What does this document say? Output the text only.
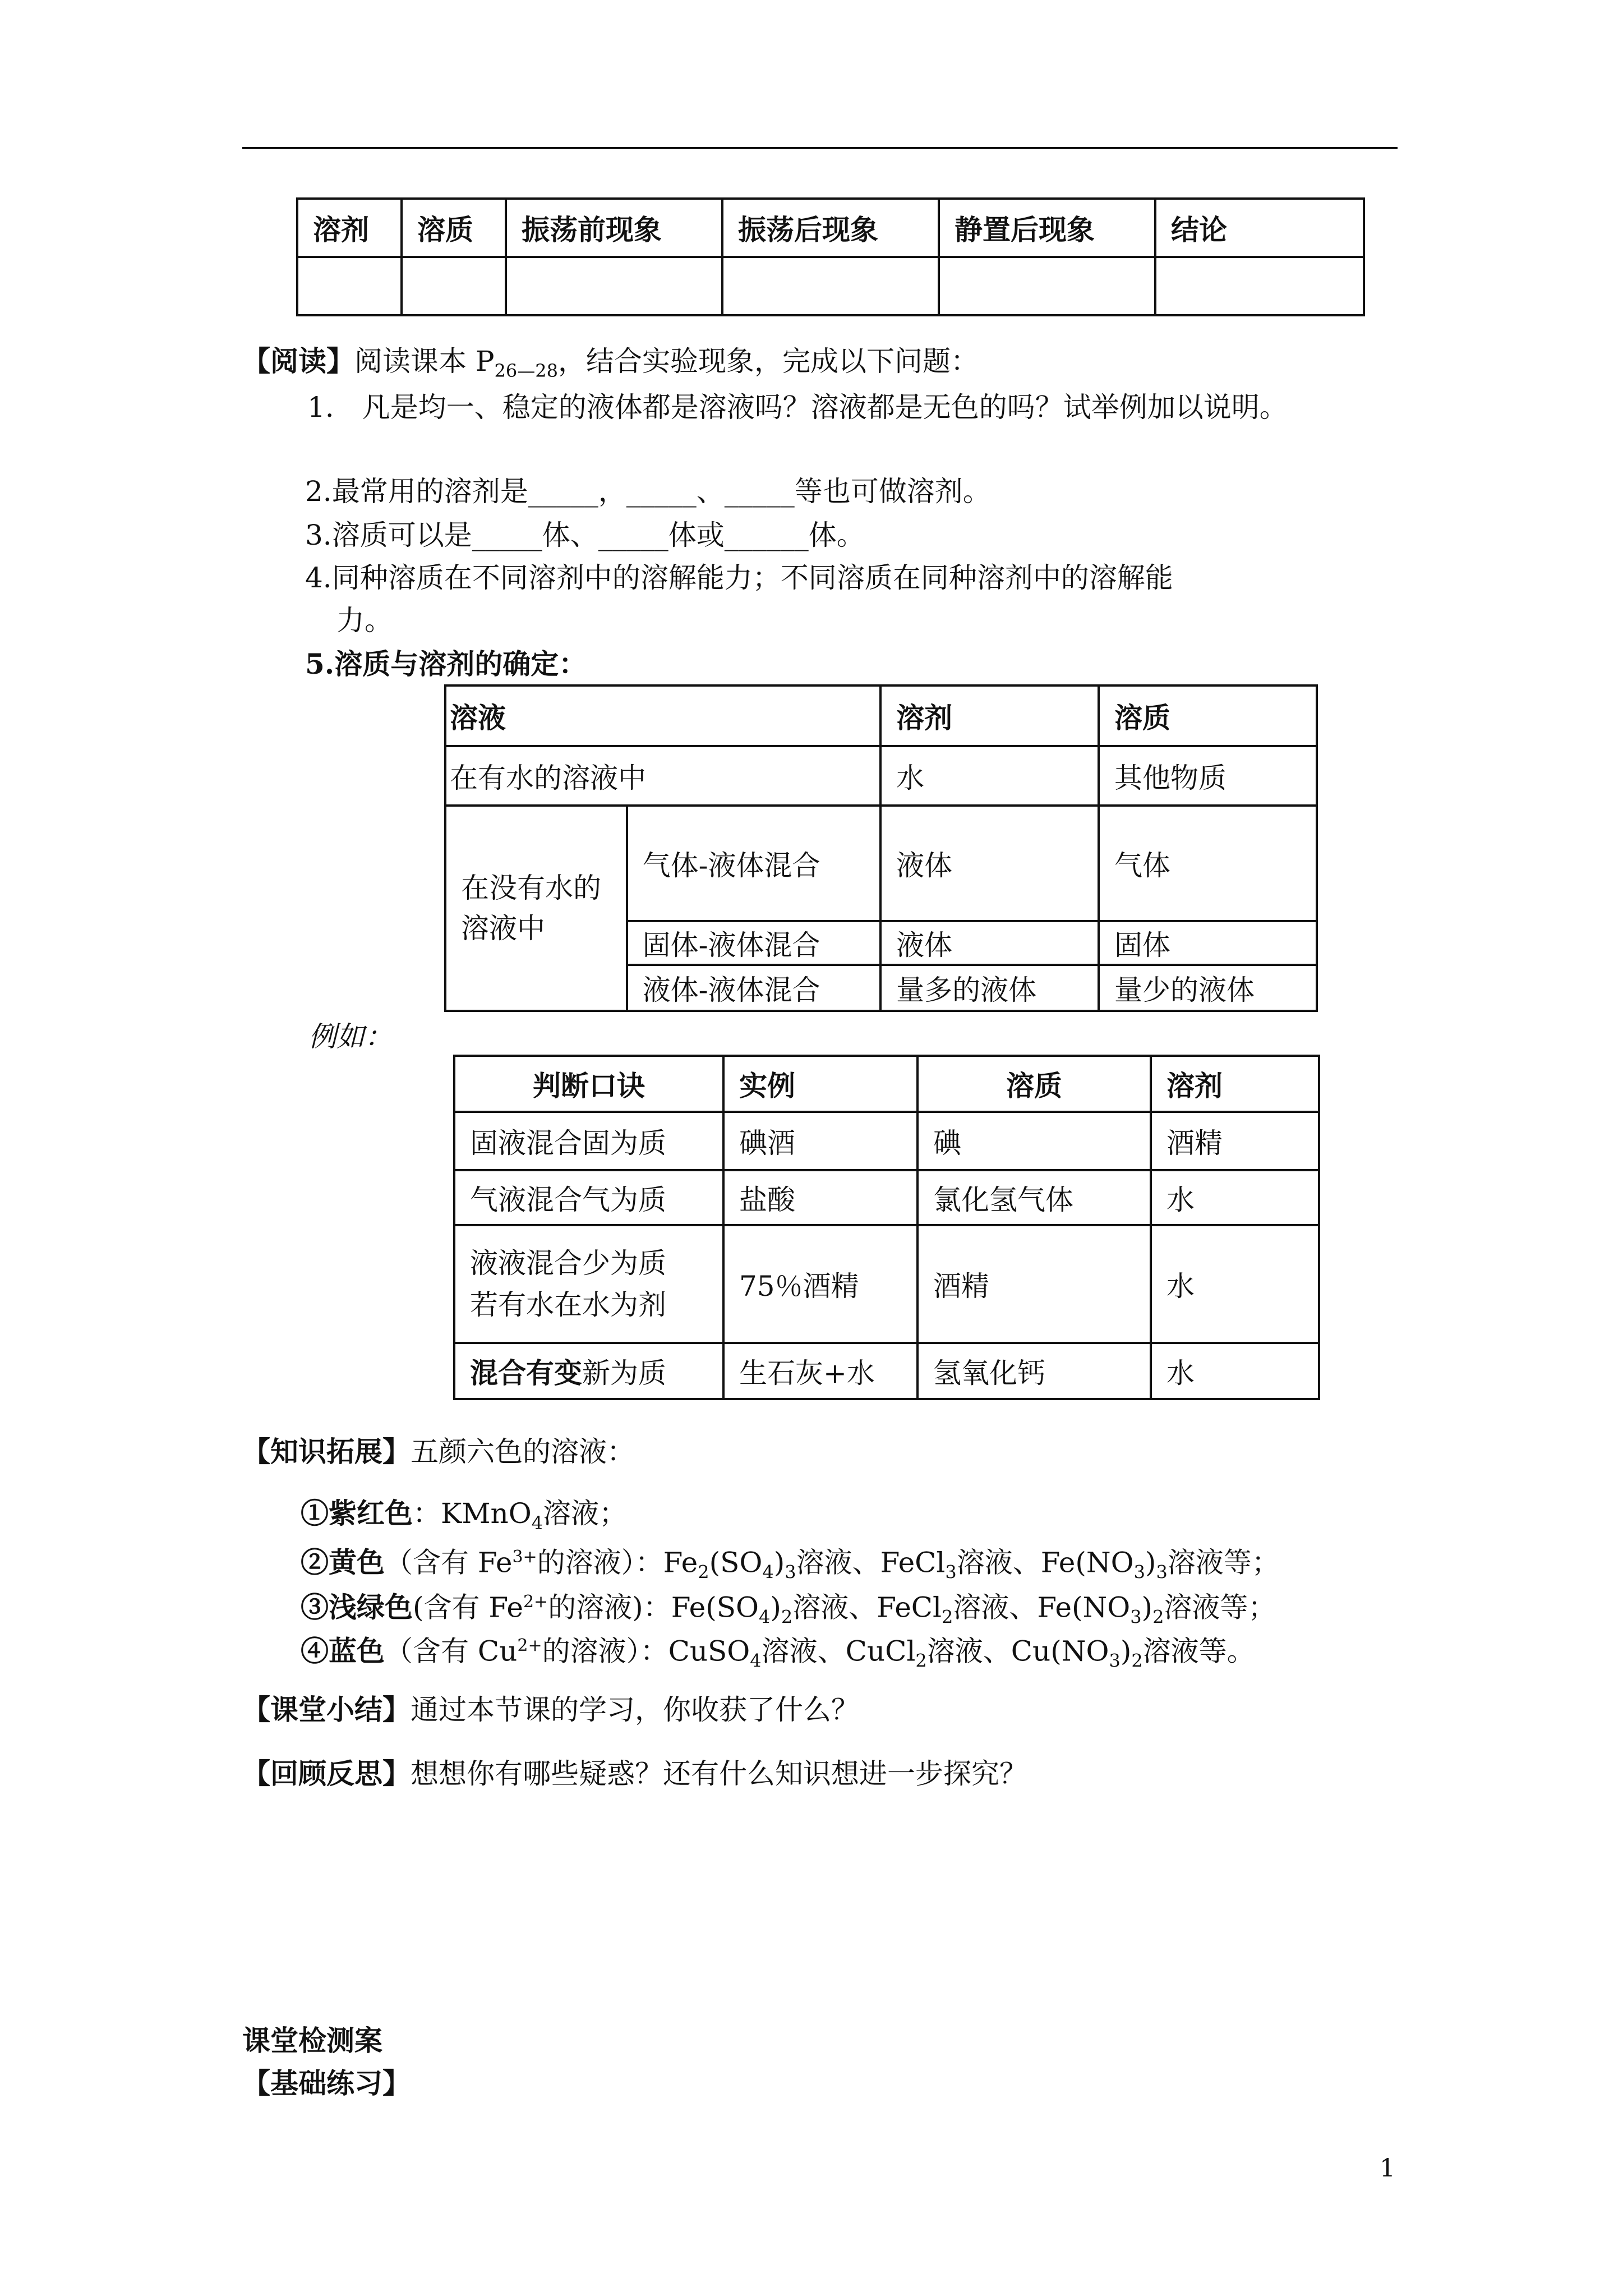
溶剂	溶质	振荡前现象	振荡后现象	静置后现象	结论

【阅读】阅读课本 $P_{26—28}$，结合实验现象，完成以下问题：
1.　凡是均一、稳定的液体都是溶液吗？溶液都是无色的吗？试举例加以说明。
2.最常用的溶剂是_____，_____、_____等也可做溶剂。
3.溶质可以是_____体、_____体或______体。
4.同种溶质在不同溶剂中的溶解能力；不同溶质在同种溶剂中的溶解能
力。
5.溶质与溶剂的确定：
溶液		溶剂	溶质
在有水的溶液中		水	其他物质
在没有水的溶液中	气体-液体混合	液体	气体
	固体-液体混合	液体	固体
	液体-液体混合	量多的液体	量少的液体
例如：
判断口诀	实例	溶质	溶剂
固液混合固为质	碘酒	碘	酒精
气液混合气为质	盐酸	氯化氢气体	水

液液混合少为质
若有水在水为剂	75％酒精	酒精	水
混合有变新为质	生石灰+水	氢氧化钙	水
【知识拓展】五颜六色的溶液：
①紫红色：KMnO$_4$溶液；
②黄色（含有 $Fe^{3+}$的溶液）：$Fe_2(SO_4)_3$溶液、FeCl$_3$溶液、$Fe(NO_3)_3$溶液等；
③浅绿色(含有 $Fe^{2+}$的溶液)：$Fe(SO_4)_2$溶液、FeCl$_2$溶液、$Fe(NO_3)_2$溶液等；
④蓝色（含有 $Cu^{2+}$的溶液）：CuSO$_4$溶液、CuCl$_2$溶液、$Cu(NO_3)_2$溶液等。
【课堂小结】通过本节课的学习，你收获了什么？
【回顾反思】想想你有哪些疑惑？还有什么知识想进一步探究？
课堂检测案
【基础练习】
1
